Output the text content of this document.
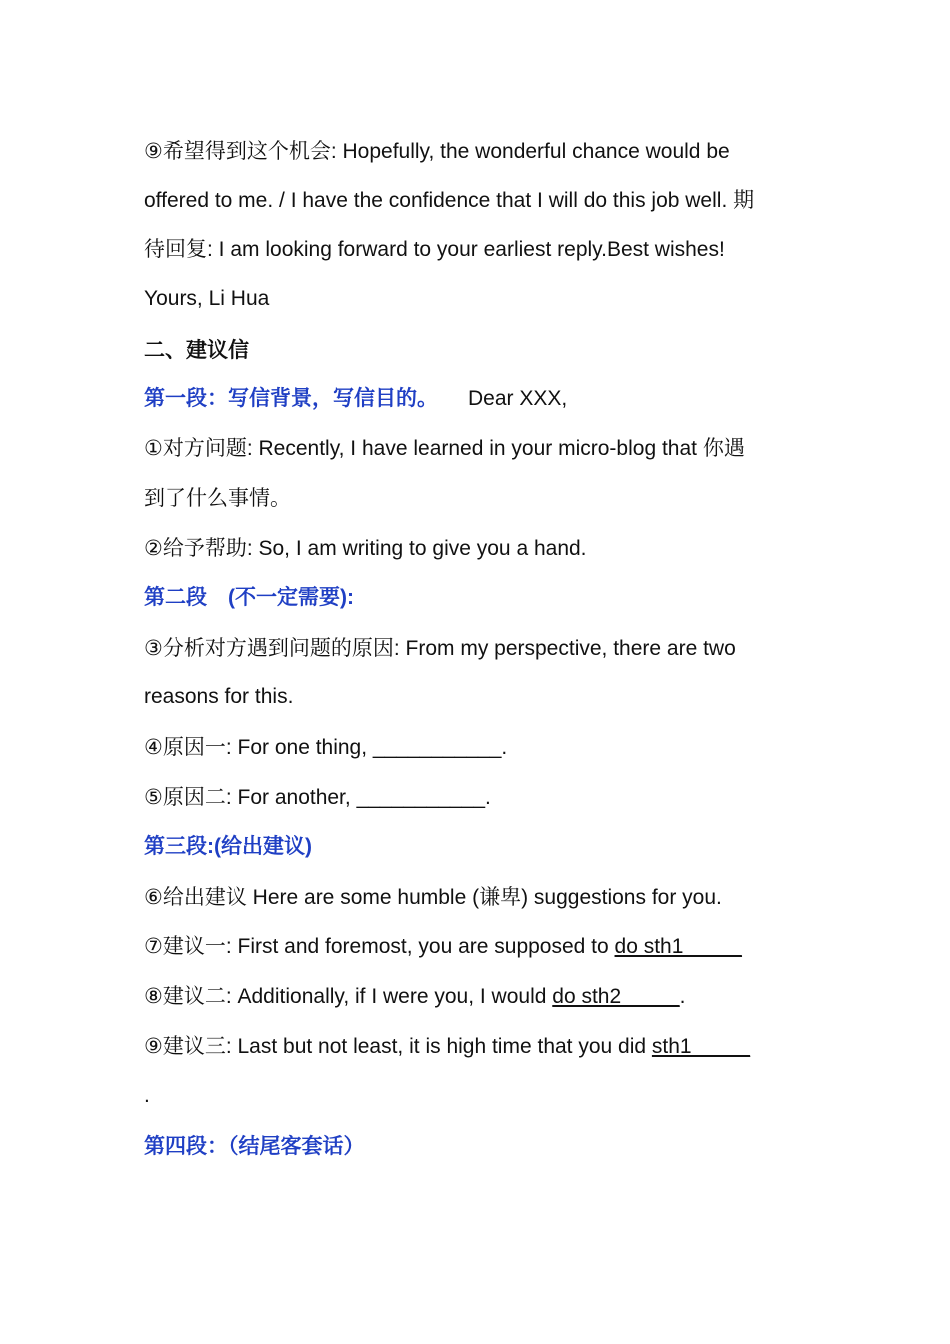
⑨希望得到这个机会: Hopefully, the wonderful chance would be
offered to me. / I have the confidence that I will do this job well. 期
待回复: I am looking forward to your earliest reply.Best wishes!
Yours, Li Hua
二、建议信
第一段：写信背景，写信目的。 Dear XXX,
①对方问题: Recently, I have learned in your micro-blog that 你遇
到了什么事情。
②给予帮助: So, I am writing to give you a hand.
第二段　(不一定需要):
③分析对方遇到问题的原因: From my perspective, there are two
reasons for this.
④原因一: For one thing, ___________.
⑤原因二: For another, ___________.
第三段:(给出建议)
⑥给出建议 Here are some humble (谦卑) suggestions for you.
⑦建议一: First and foremost, you are supposed to do sth1_____
⑧建议二: Additionally, if I were you, I would do sth2_____.
⑨建议三: Last but not least, it is high time that you did sth1_____
.
第四段：（结尾客套话）
